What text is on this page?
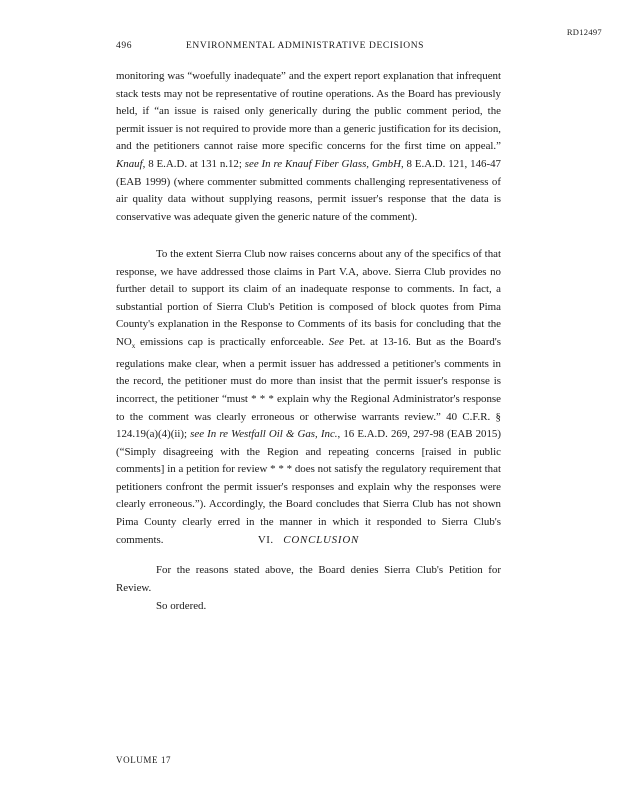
RD12497
496	ENVIRONMENTAL ADMINISTRATIVE DECISIONS
monitoring was “woefully inadequate” and the expert report explanation that infrequent stack tests may not be representative of routine operations. As the Board has previously held, if “an issue is raised only generically during the public comment period, the permit issuer is not required to provide more than a generic justification for its decision, and the petitioners cannot raise more specific concerns for the first time on appeal.” Knauf, 8 E.A.D. at 131 n.12; see In re Knauf Fiber Glass, GmbH, 8 E.A.D. 121, 146-47 (EAB 1999) (where commenter submitted comments challenging representativeness of air quality data without supplying reasons, permit issuer's response that the data is conservative was adequate given the generic nature of the comment).
To the extent Sierra Club now raises concerns about any of the specifics of that response, we have addressed those claims in Part V.A, above. Sierra Club provides no further detail to support its claim of an inadequate response to comments. In fact, a substantial portion of Sierra Club's Petition is composed of block quotes from Pima County's explanation in the Response to Comments of its basis for concluding that the $NO_x$ emissions cap is practically enforceable. See Pet. at 13-16. But as the Board's regulations make clear, when a permit issuer has addressed a petitioner's comments in the record, the petitioner must do more than insist that the permit issuer's response is incorrect, the petitioner “must * * * explain why the Regional Administrator's response to the comment was clearly erroneous or otherwise warrants review.” 40 C.F.R. § 124.19(a)(4)(ii); see In re Westfall Oil & Gas, Inc., 16 E.A.D. 269, 297-98 (EAB 2015) (“Simply disagreeing with the Region and repeating concerns [raised in public comments] in a petition for review * * * does not satisfy the regulatory requirement that petitioners confront the permit issuer's responses and explain why the responses were clearly erroneous.”). Accordingly, the Board concludes that Sierra Club has not shown Pima County clearly erred in the manner in which it responded to Sierra Club's comments.	VI. CONCLUSION
For the reasons stated above, the Board denies Sierra Club's Petition for Review.
So ordered.
VOLUME 17
